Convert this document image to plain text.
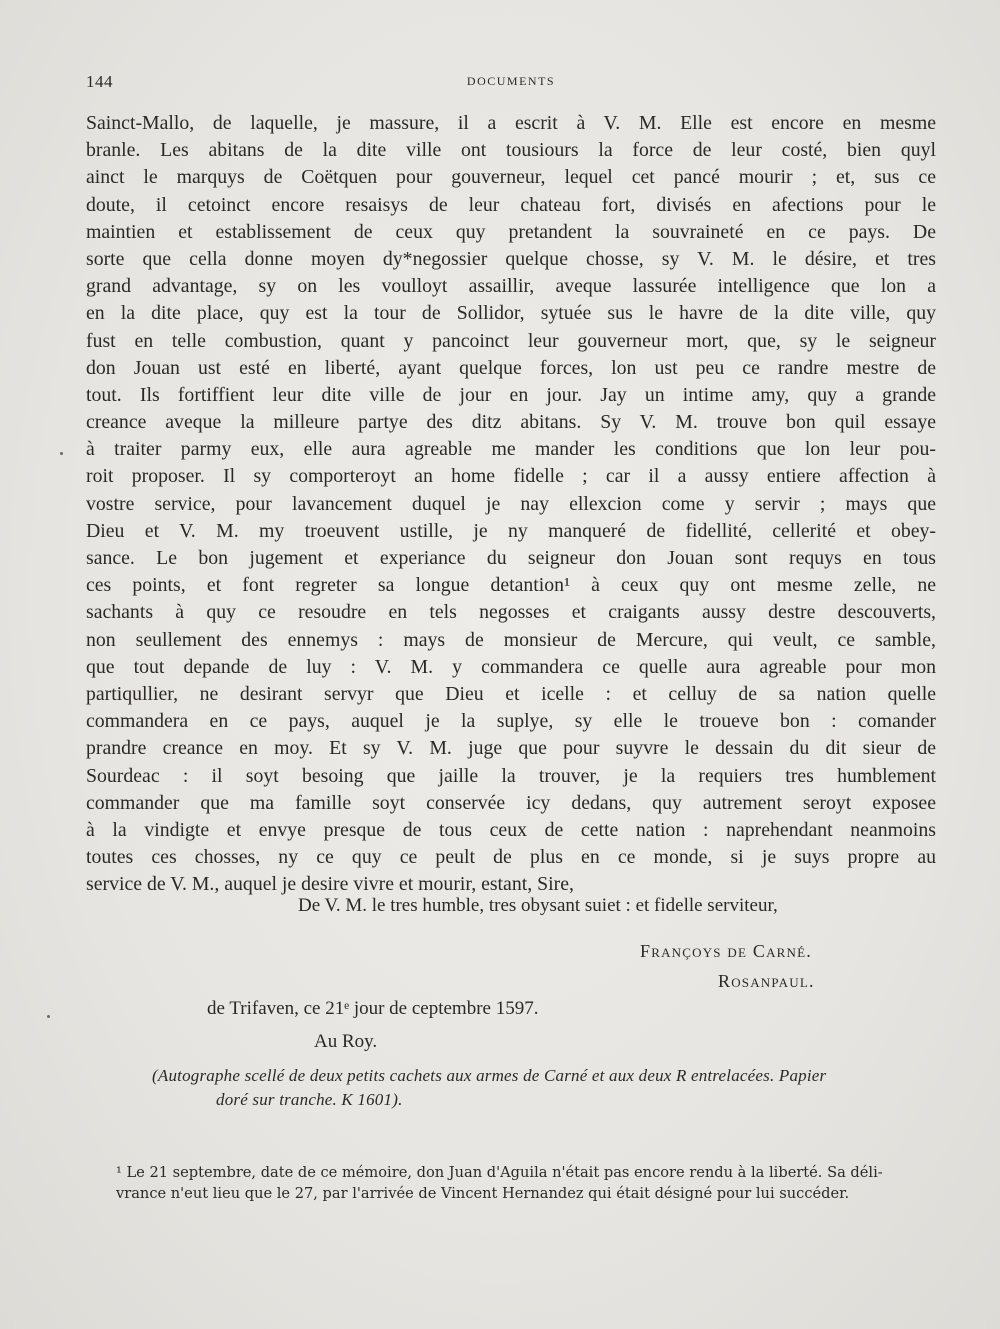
144	DOCUMENTS
Sainct-Mallo, de laquelle, je massure, il a escrit à V. M. Elle est encore en mesme
branle. Les abitans de la dite ville ont tousiours la force de leur costé, bien quyl
ainct le marquys de Coëtquen pour gouverneur, lequel cet pancé mourir ; et, sus ce
doute, il cetoinct encore resaisys de leur chateau fort, divisés en afections pour le
maintien et establissement de ceux quy pretandent la souvraineté en ce pays. De
sorte que cella donne moyen dy*negossier quelque chosse, sy V. M. le désire, et tres
grand advantage, sy on les voulloyt assaillir, aveque lassurée intelligence que lon a
en la dite place, quy est la tour de Sollidor, sytuée sus le havre de la dite ville, quy
fust en telle combustion, quant y pancoinct leur gouverneur mort, que, sy le seigneur
don Jouan ust esté en liberté, ayant quelque forces, lon ust peu ce randre mestre de
tout. Ils fortiffient leur dite ville de jour en jour. Jay un intime amy, quy a grande
creance aveque la milleure partye des ditz abitans. Sy V. M. trouve bon quil essaye
à traiter parmy eux, elle aura agreable me mander les conditions que lon leur pou-
roit proposer. Il sy comporteroyt an home fidelle ; car il a aussy entiere affection à
vostre service, pour lavancement duquel je nay ellexcion come y servir ; mays que
Dieu et V. M. my troeuvent ustille, je ny manqueré de fidellité, cellerité et obey-
sance. Le bon jugement et experiance du seigneur don Jouan sont requys en tous
ces points, et font regreter sa longue detantion¹ à ceux quy ont mesme zelle, ne
sachants à quy ce resoudre en tels negosses et craigants aussy destre descouverts,
non seullement des ennemys : mays de monsieur de Mercure, qui veult, ce samble,
que tout depande de luy : V. M. y commandera ce quelle aura agreable pour mon
partiqullier, ne desirant servyr que Dieu et icelle : et celluy de sa nation quelle
commandera en ce pays, auquel je la suplye, sy elle le troueve bon : comander
prandre creance en moy. Et sy V. M. juge que pour suyvre le dessain du dit sieur de
Sourdeac : il soyt besoing que jaille la trouver, je la requiers tres humblement
commander que ma famille soyt conservée icy dedans, quy autrement seroyt exposee
à la vindigte et envye presque de tous ceux de cette nation : naprehendant neanmoins
toutes ces chosses, ny ce quy ce peult de plus en ce monde, si je suys propre au
service de V. M., auquel je desire vivre et mourir, estant, Sire,
De V. M. le tres humble, tres obysant suiet : et fidelle serviteur,
Françoys de Carné.
Rosanpaul.
de Trifaven, ce 21ᵉ jour de ceptembre 1597.
Au Roy.
(Autographe scellé de deux petits cachets aux armes de Carné et aux deux R entrelacées. Papier
doré sur tranche. K 1601).
¹ Le 21 septembre, date de ce mémoire, don Juan d'Aguila n'était pas encore rendu à la liberté. Sa déli-
vrance n'eut lieu que le 27, par l'arrivée de Vincent Hernandez qui était désigné pour lui succéder.
